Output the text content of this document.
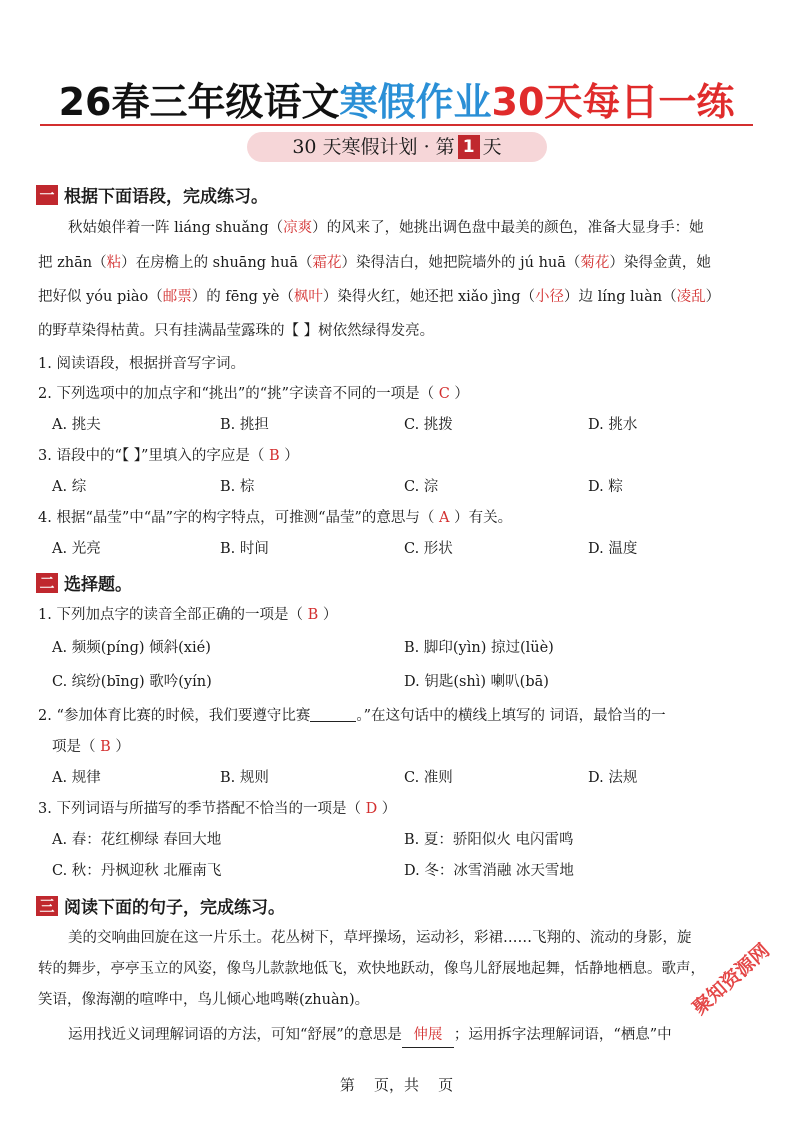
26春三年级语文寒假作业30天每日一练
30 天寒假计划 · 第 1 天
一 根据下面语段，完成练习。
秋姑娘伴着一阵 liáng shuǎng（凉爽）的风来了，她挑出调色盘中最美的颜色，准备大显身手：她
把 zhān（粘）在房檐上的 shuāng huā（霜花）染得洁白，她把院墙外的 jú huā（菊花）染得金黄，她
把好似 yóu piào（邮票）的 fēng yè（枫叶）染得火红，她还把 xiǎo jìng（小径）边 líng luàn（凌乱）
的野草染得枯黄。只有挂满晶莹露珠的【 】树依然绿得发亮。
1. 阅读语段，根据拼音写字词。
2. 下列选项中的加点字和“挑出”的“挑”字读音不同的一项是（ C ）
A. 挑夫	B. 挑担	C. 挑拨	D. 挑水
3. 语段中的“【 】”里填入的字应是（ B ）
A. 综	B. 棕	C. 淙	D. 粽
4. 根据“晶莹”中“晶”字的构字特点，可推测“晶莹”的意思与（ A ）有关。
A. 光亮	B. 时间	C. 形状	D. 温度
二 选择题。
1. 下列加点字的读音全部正确的一项是（ B ）
A. 频频(pínɡ) 倾斜(xié)	B. 脚印(yìn) 掠过(lüè)
C. 缤纷(bīnɡ) 歌吟(yín)	D. 钥匙(shì) 喇叭(bā)
2. “参加体育比赛的时候，我们要遵守比赛	。”在这句话中的横线上填写的 词语，最恰当的一
项是（ B ）
A. 规律	B. 规则	C. 准则	D. 法规
3. 下列词语与所描写的季节搭配不恰当的一项是（ D ）
A. 春：花红柳绿 春回大地	B. 夏：骄阳似火 电闪雷鸣
C. 秋：丹枫迎秋 北雁南飞	D. 冬：冰雪消融 冰天雪地
三 阅读下面的句子，完成练习。
美的交响曲回旋在这一片乐土。花丛树下，草坪操场，运动衫，彩裙……飞翔的、流动的身影，旋
转的舞步，亭亭玉立的风姿，像鸟儿款款地低飞，欢快地跃动，像鸟儿舒展地起舞，恬静地栖息。歌声，
笑语，像海潮的喧哗中，鸟儿倾心地鸣啭(zhuàn)。
运用找近义词理解词语的方法，可知“舒展”的意思是 伸展 ；运用拆字法理解词语，“栖息”中
第    页，共    页
聚知资源网
